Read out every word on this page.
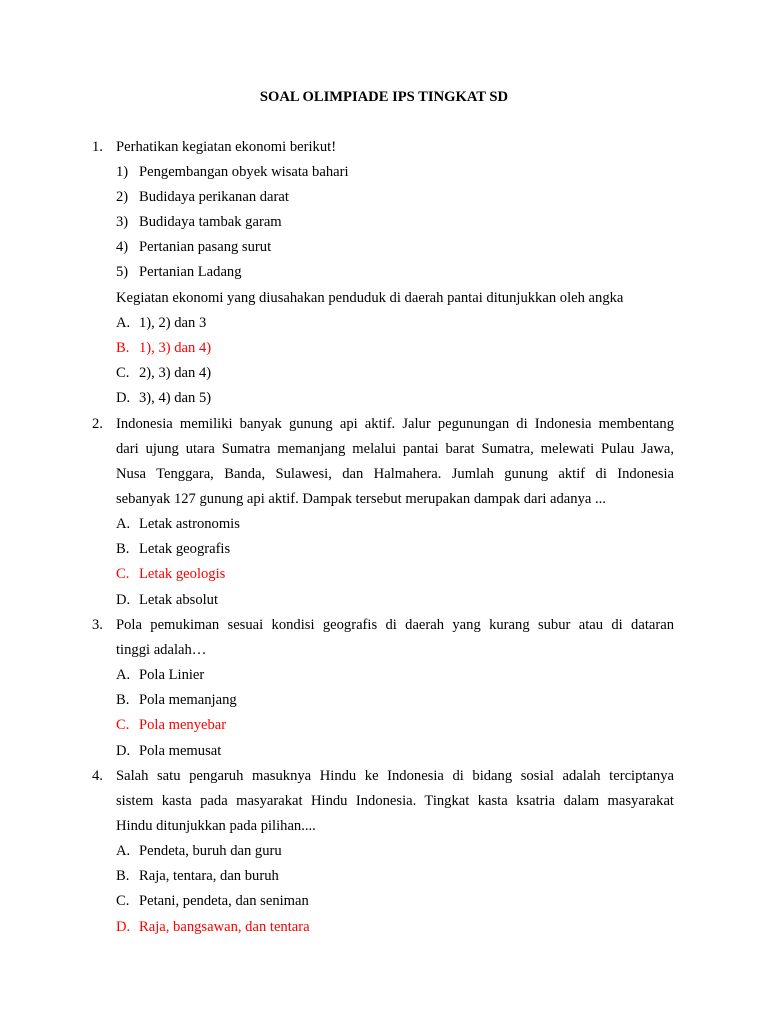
SOAL OLIMPIADE IPS TINGKAT SD
1. Perhatikan kegiatan ekonomi berikut!
1) Pengembangan obyek wisata bahari
2) Budidaya perikanan darat
3) Budidaya tambak garam
4) Pertanian pasang surut
5) Pertanian Ladang
Kegiatan ekonomi yang diusahakan penduduk di daerah pantai ditunjukkan oleh angka
A. 1), 2) dan 3
B. 1), 3) dan 4)
C. 2), 3) dan 4)
D. 3), 4) dan 5)
2. Indonesia memiliki banyak gunung api aktif. Jalur pegunungan di Indonesia membentang
dari ujung utara Sumatra memanjang melalui pantai barat Sumatra, melewati Pulau Jawa,
Nusa Tenggara, Banda, Sulawesi, dan Halmahera. Jumlah gunung aktif di Indonesia
sebanyak 127 gunung api aktif. Dampak tersebut merupakan dampak dari adanya ...
A. Letak astronomis
B. Letak geografis
C. Letak geologis
D. Letak absolut
3. Pola pemukiman sesuai kondisi geografis di daerah yang kurang subur atau di dataran
tinggi adalah…
A. Pola Linier
B. Pola memanjang
C. Pola menyebar
D. Pola memusat
4. Salah satu pengaruh masuknya Hindu ke Indonesia di bidang sosial adalah terciptanya
sistem kasta pada masyarakat Hindu Indonesia. Tingkat kasta ksatria dalam masyarakat
Hindu ditunjukkan pada pilihan....
A. Pendeta, buruh dan guru
B. Raja, tentara, dan buruh
C. Petani, pendeta, dan seniman
D. Raja, bangsawan, dan tentara
